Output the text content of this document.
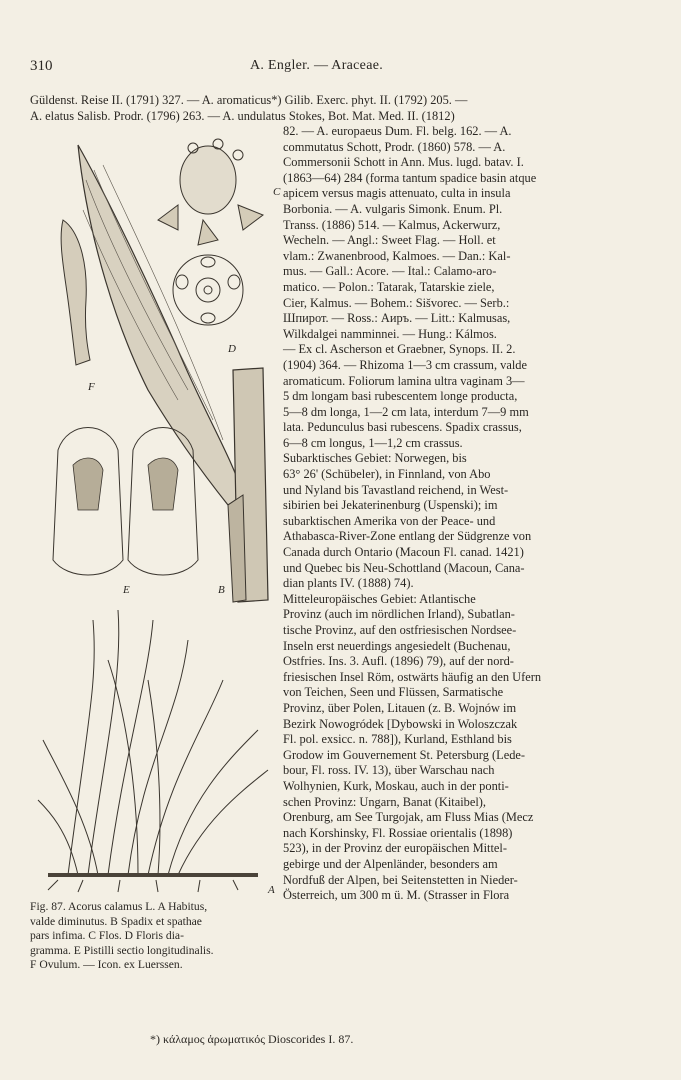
310	A. Engler. — Araceae.
Güldenst. Reise II. (1791) 327. — A. aromaticus*) Gilib. Exerc. phyt. II. (1792) 205. —
A. elatus Salisb. Prodr. (1796) 263. — A. undulatus Stokes, Bot. Mat. Med. II. (1812)
82. — A. europaeus Dum. Fl. belg. 162. — A.
commutatus Schott, Prodr. (1860) 578. — A.
Commersonii Schott in Ann. Mus. lugd. batav. I.
(1863—64) 284 (forma tantum spadice basin atque
apicem versus magis attenuato, culta in insula
Borbonia. — A. vulgaris Simonk. Enum. Pl.
Transs. (1886) 514. — Kalmus, Ackerwurz,
Wecheln. — Angl.: Sweet Flag. — Holl. et
vlam.: Zwanenbrood, Kalmoes. — Dan.: Kal-
mus. — Gall.: Acore. — Ital.: Calamo-aro-
matico. — Polon.: Tatarak, Tatarskie ziele,
Cier, Kalmus. — Bohem.: Sišvorec. — Serb.:
Шпирот. — Ross.: Аиръ. — Litt.: Kalmusas,
Wilkdalgei namminnei. — Hung.: Kálmos.
— Ex cl. Ascherson et Graebner, Synops. II. 2.
(1904) 364. — Rhizoma 1—3 cm crassum, valde
aromaticum. Foliorum lamina ultra vaginam 3—
5 dm longam basi rubescentem longe producta,
5—8 dm longa, 1—2 cm lata, interdum 7—9 mm
lata. Pedunculus basi rubescens. Spadix crassus,
6—8 cm longus, 1—1,2 cm crassus.
Subarktisches Gebiet: Norwegen, bis
63° 26' (Schübeler), in Finnland, von Abo
und Nyland bis Tavastland reichend, in West-
sibirien bei Jekaterinenburg (Uspenski); im
subarktischen Amerika von der Peace- und
Athabasca-River-Zone entlang der Südgrenze von
Canada durch Ontario (Macoun Fl. canad. 1421)
und Quebec bis Neu-Schottland (Macoun, Cana-
dian plants IV. (1888) 74).
Mitteleuropäisches Gebiet: Atlantische
Provinz (auch im nördlichen Irland), Subatlan-
tische Provinz, auf den ostfriesischen Nordsee-
Inseln erst neuerdings angesiedelt (Buchenau,
Ostfries. Ins. 3. Aufl. (1896) 79), auf der nord-
friesischen Insel Röm, ostwärts häufig an den Ufern
von Teichen, Seen und Flüssen, Sarmatische
Provinz, über Polen, Litauen (z. B. Wojnów im
Bezirk Nowogródek [Dybowski in Woloszczak
Fl. pol. exsicc. n. 788]), Kurland, Esthland bis
Grodow im Gouvernement St. Petersburg (Lede-
bour, Fl. ross. IV. 13), über Warschau nach
Wolhynien, Kurk, Moskau, auch in der ponti-
schen Provinz: Ungarn, Banat (Kitaibel),
Orenburg, am See Turgojak, am Fluss Mias (Mecz
nach Korshinsky, Fl. Rossiae orientalis (1898)
523), in der Provinz der europäischen Mittel-
gebirge und der Alpenländer, besonders am
Nordfuß der Alpen, bei Seitenstetten in Nieder-
Österreich, um 300 m ü. M. (Strasser in Flora
C
D
F
E	B
A
Fig. 87. Acorus calamus L. A Habitus,
valde diminutus. B Spadix et spathae
pars infima. C Flos. D Floris dia-
gramma. E Pistilli sectio longitudinalis.
F Ovulum. — Icon. ex Luerssen.
*) κάλαμος ἀρωματικός Dioscorides I. 87.
